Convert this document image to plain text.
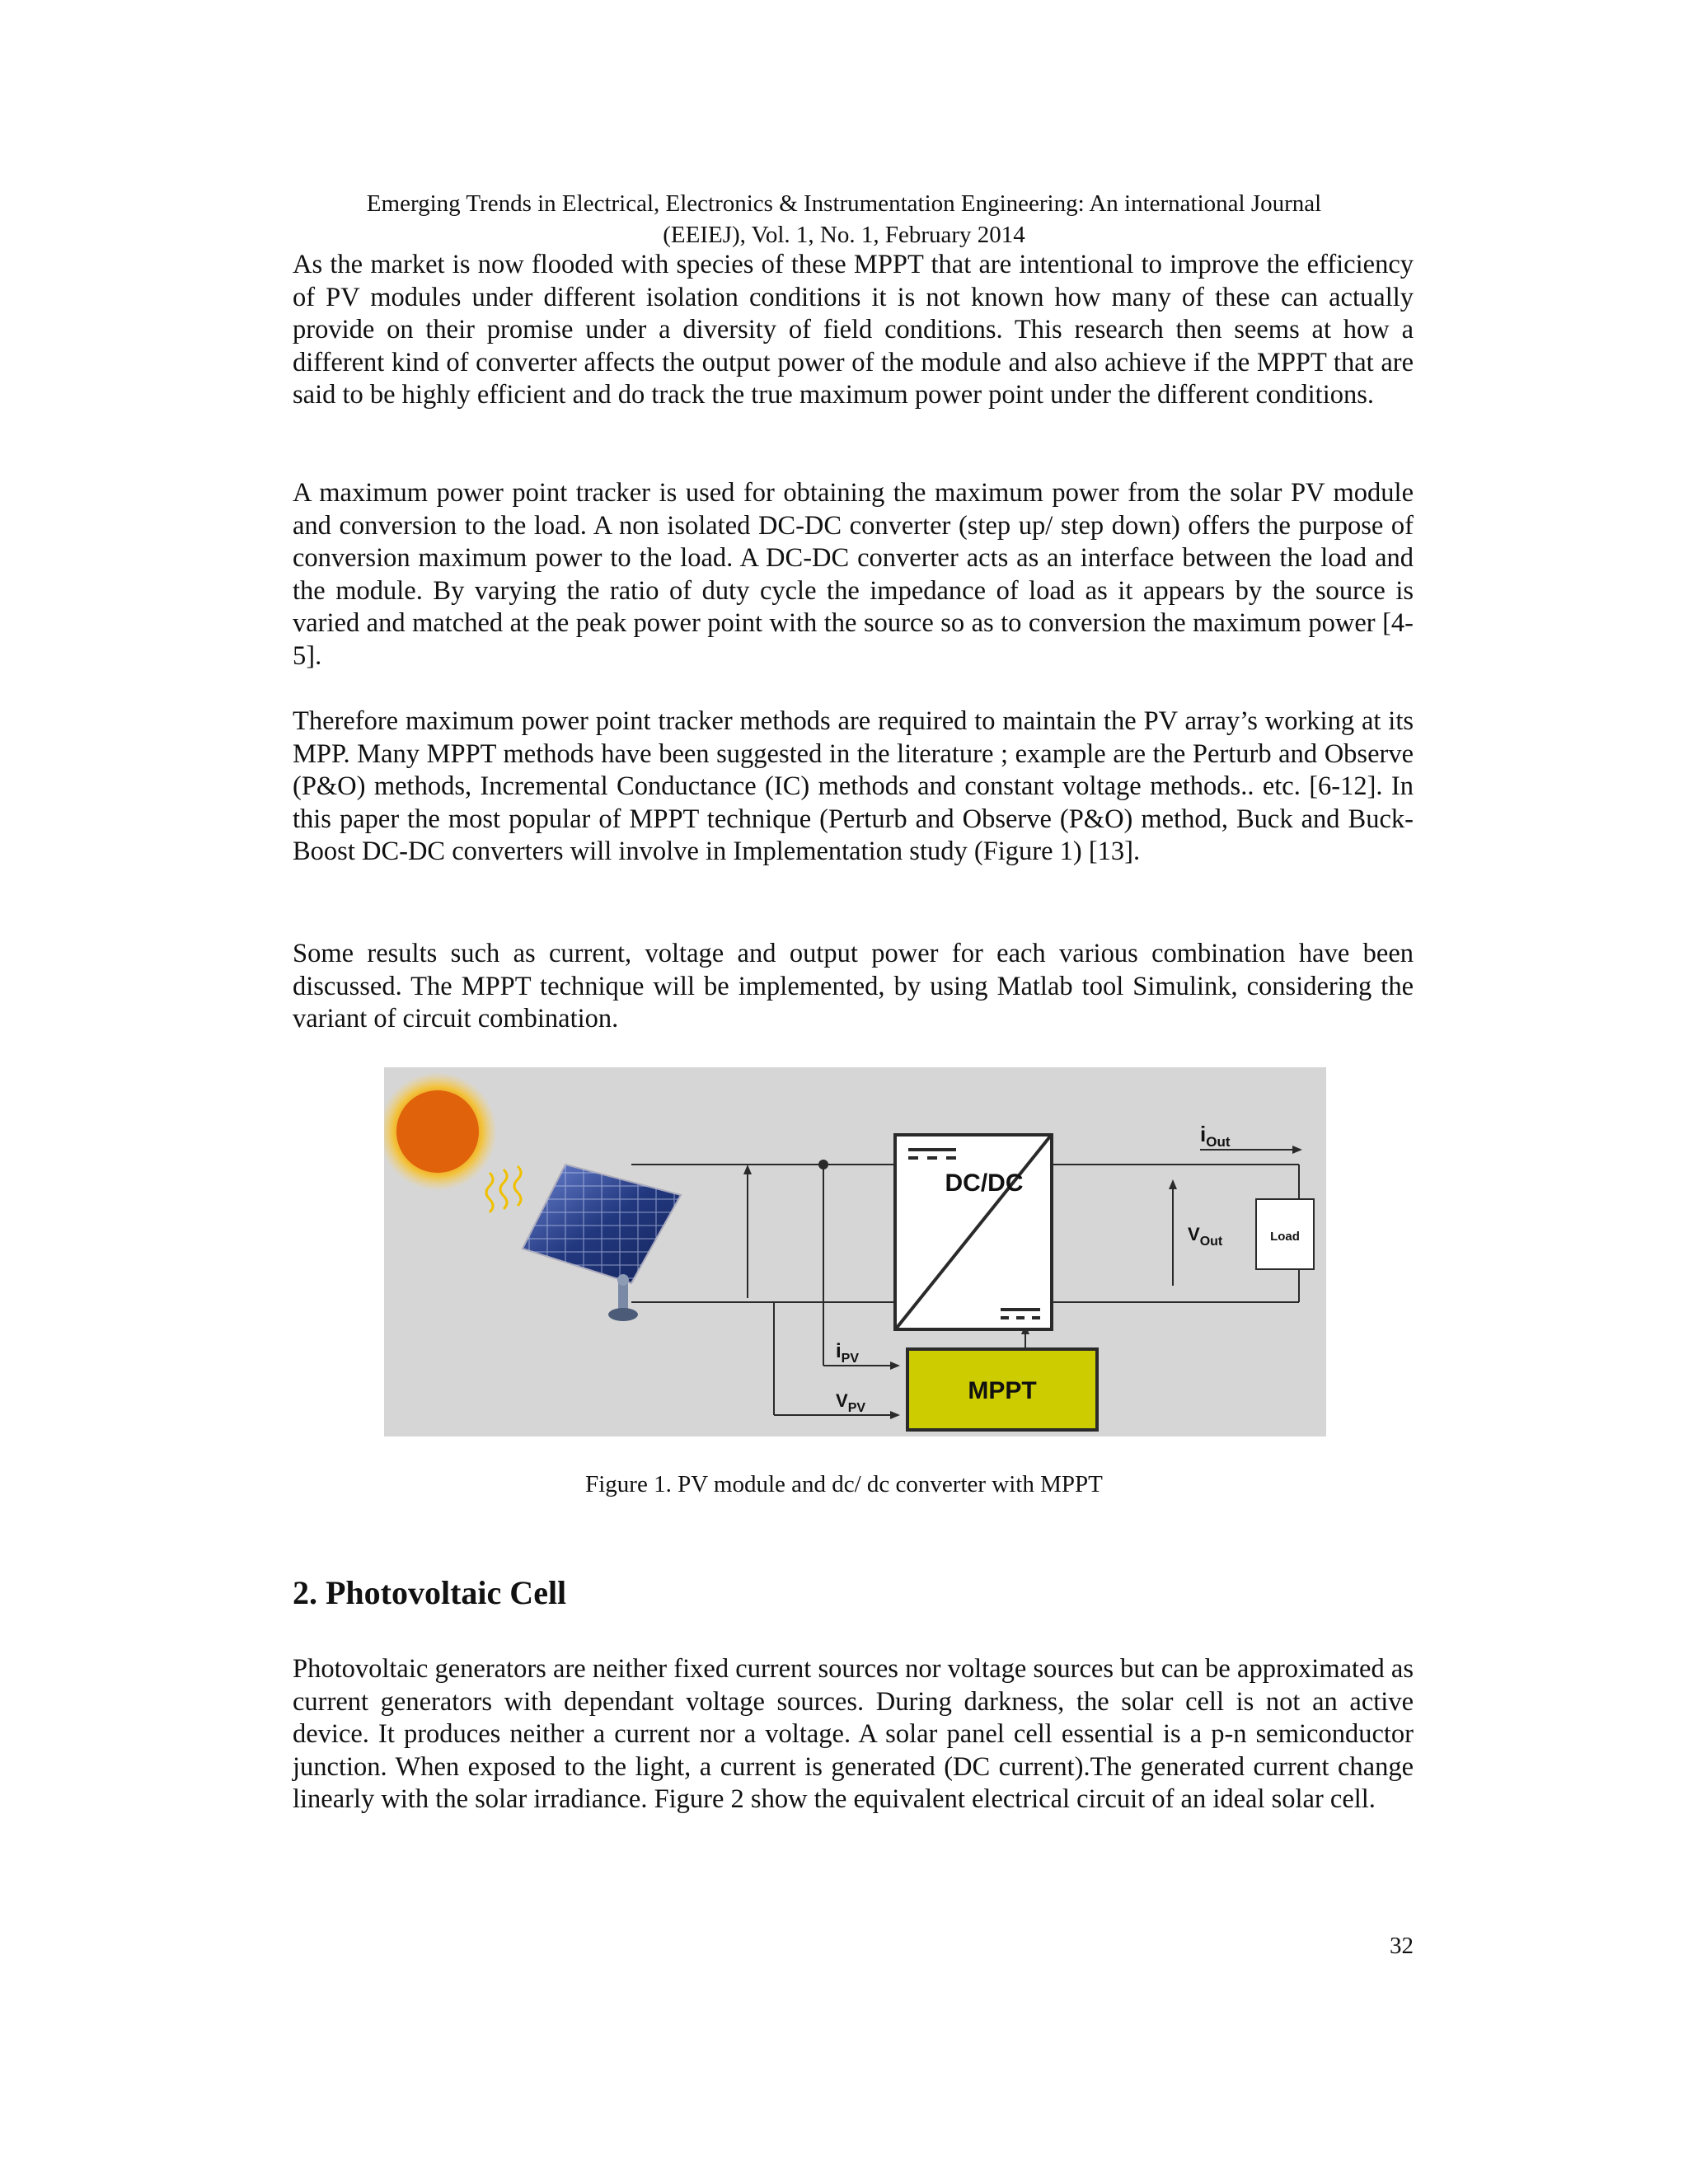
Emerging Trends in Electrical, Electronics & Instrumentation Engineering: An international Journal
(EEIEJ), Vol. 1, No. 1, February 2014
As the market is now flooded with species of these MPPT that are intentional to improve the efficiency of PV modules under different isolation conditions it is not known how many of these can actually provide on their promise under a diversity of field conditions. This research then seems at how a different kind of converter affects the output power of the module and also achieve if the MPPT that are said to be highly efficient and do track the true maximum power point under the different conditions.
A maximum power point tracker is used for obtaining the maximum power from the solar PV module and conversion to the load. A non isolated DC-DC converter (step up/ step down) offers the purpose of conversion maximum power to the load. A DC-DC converter acts as an interface between the load and the module. By varying the ratio of duty cycle the impedance of load as it appears by the source is varied and matched at the peak power point with the source so as to conversion the maximum power [4-5].
Therefore maximum power point tracker methods are required to maintain the PV array’s working at its MPP. Many MPPT methods have been suggested in the literature ; example are the Perturb and Observe (P&O) methods, Incremental Conductance (IC) methods and constant voltage methods.. etc. [6-12]. In this paper the most popular of MPPT technique (Perturb and Observe (P&O) method, Buck and Buck- Boost DC-DC converters will involve in Implementation study (Figure 1) [13].
Some results such as current, voltage and output power for each various combination have been discussed. The MPPT technique will be implemented, by using Matlab tool Simulink, considering the variant of circuit combination.
DC/DC
MPPT
Load
$i_{Out}$
$V_{Out}$
$i_{PV}$
$V_{PV}$
Figure 1. PV module and dc/ dc converter with MPPT
2. Photovoltaic Cell
Photovoltaic generators are neither fixed current sources nor voltage sources but can be approximated as current generators with dependant voltage sources. During darkness, the solar cell is not an active device. It produces neither a current nor a voltage. A solar panel cell essential is a p-n semiconductor junction. When exposed to the light, a current is generated (DC current).The generated current change linearly with the solar irradiance. Figure 2 show the equivalent electrical circuit of an ideal solar cell.
32
